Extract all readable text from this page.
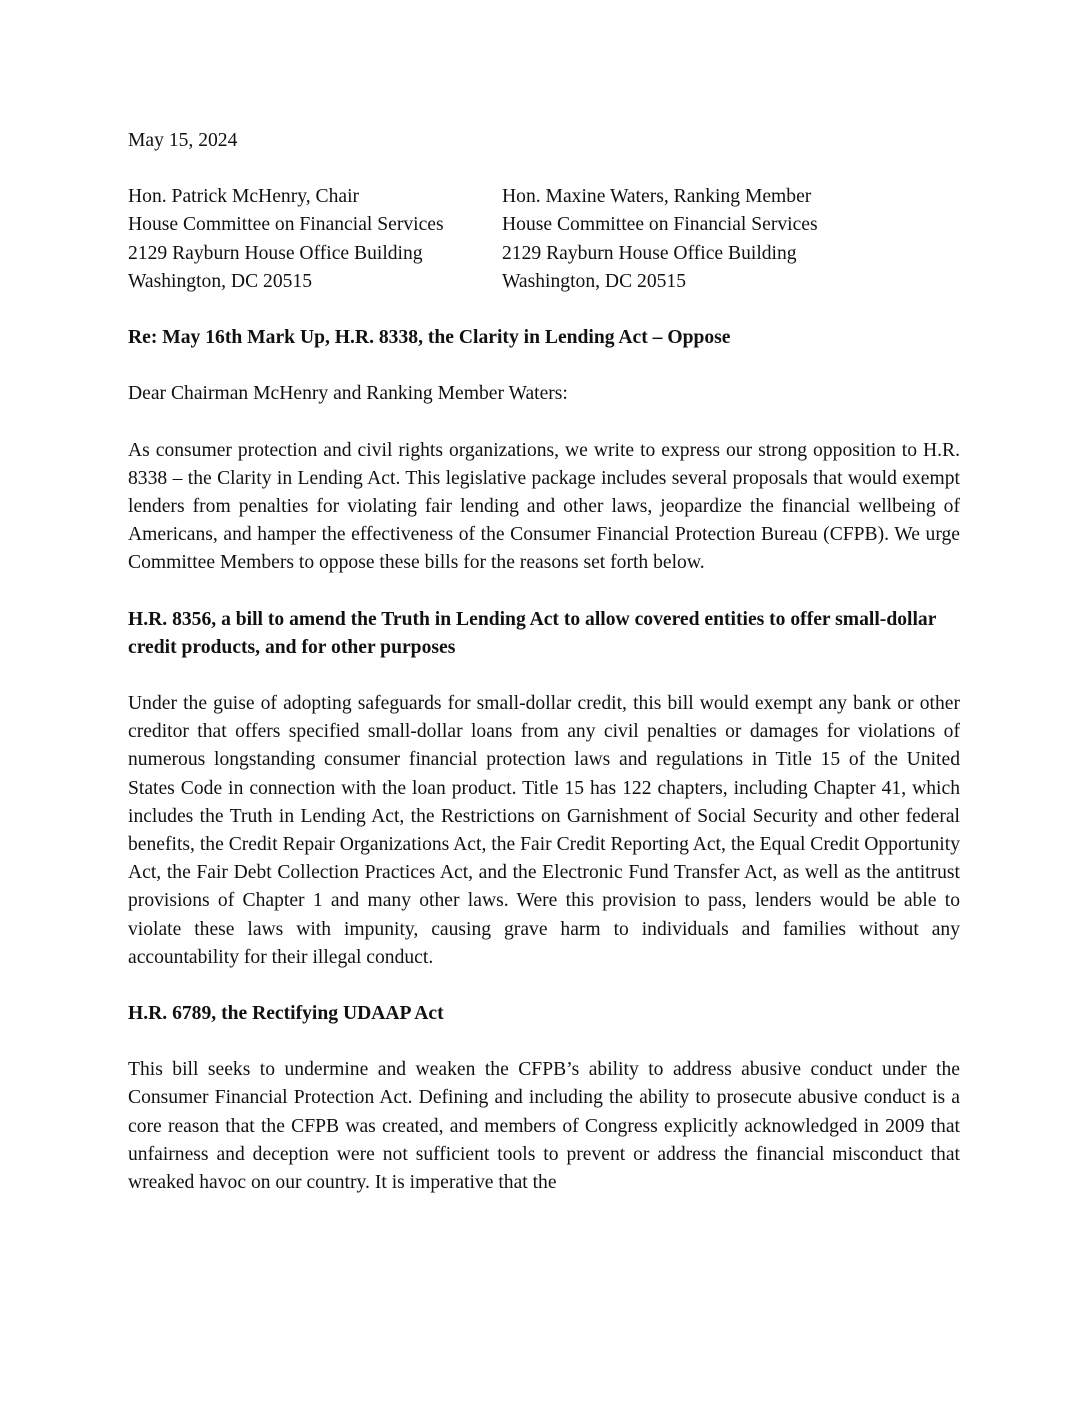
May 15, 2024
Hon. Patrick McHenry, Chair
House Committee on Financial Services
2129 Rayburn House Office Building
Washington, DC 20515
Hon. Maxine Waters, Ranking Member
House Committee on Financial Services
2129 Rayburn House Office Building
Washington, DC 20515
Re: May 16th Mark Up, H.R. 8338, the Clarity in Lending Act – Oppose
Dear Chairman McHenry and Ranking Member Waters:

As consumer protection and civil rights organizations, we write to express our strong opposition to H.R. 8338 – the Clarity in Lending Act. This legislative package includes several proposals that would exempt lenders from penalties for violating fair lending and other laws, jeopardize the financial wellbeing of Americans, and hamper the effectiveness of the Consumer Financial Protection Bureau (CFPB). We urge Committee Members to oppose these bills for the reasons set forth below.

H.R. 8356, a bill to amend the Truth in Lending Act to allow covered entities to offer small-dollar credit products, and for other purposes

Under the guise of adopting safeguards for small-dollar credit, this bill would exempt any bank or other creditor that offers specified small-dollar loans from any civil penalties or damages for violations of numerous longstanding consumer financial protection laws and regulations in Title 15 of the United States Code in connection with the loan product. Title 15 has 122 chapters, including Chapter 41, which includes the Truth in Lending Act, the Restrictions on Garnishment of Social Security and other federal benefits, the Credit Repair Organizations Act, the Fair Credit Reporting Act, the Equal Credit Opportunity Act, the Fair Debt Collection Practices Act, and the Electronic Fund Transfer Act, as well as the antitrust provisions of Chapter 1 and many other laws. Were this provision to pass, lenders would be able to violate these laws with impunity, causing grave harm to individuals and families without any accountability for their illegal conduct.

H.R. 6789, the Rectifying UDAAP Act

This bill seeks to undermine and weaken the CFPB’s ability to address abusive conduct under the Consumer Financial Protection Act. Defining and including the ability to prosecute abusive conduct is a core reason that the CFPB was created, and members of Congress explicitly acknowledged in 2009 that unfairness and deception were not sufficient tools to prevent or address the financial misconduct that wreaked havoc on our country. It is imperative that the
